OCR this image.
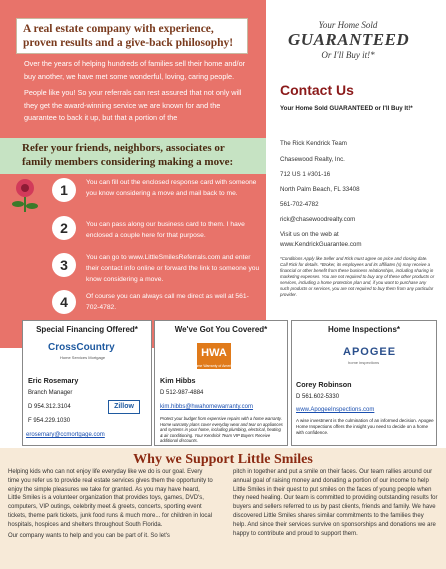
A real estate company with experience, proven results and a give-back philosophy!

Over the years of helping hundreds of families sell their home and/or buy another, we have met some wonderful, loving, caring people.

People like you! So your referrals can rest assured that not only will they get the award-winning service we are known for and the guarantee to back it up, but that a portion of the

Refer your friends, neighbors, associates or family members considering making a move:
1	You can fill out the enclosed response card with someone you know considering a move and mail back to me.
2	You can pass along our business card to them. I have enclosed a couple here for that purpose.
3	You can go to www.LittleSmilesReferrals.com and enter their contact info online or forward the link to someone you know considering a move.
4	Of course you can always call me direct as well at 561-702-4782.
Your Home Sold
GUARANTEED
Or I'll Buy it!*
Contact Us
Your Home Sold GUARANTEED or I'll Buy It!*
The Rick Kendrick Team
Chasewood Realty, Inc.
712 US 1 #301-16
North Palm Beach, FL 33408
561-702-4782
rick@chasewoodrealty.com
Visit us on the web at
www.KendrickGuarantee.com
*Conditions Apply like Seller and Rick must agree on price and closing date. Call Rick for details. *Broker, its employees and its affiliates (s) may receive a financial or other benefit from these business relationships, including sharing in marketing expenses. You are not required to buy any of these other products or services, including a home protection plan and, if you want to purchase any such products or services, you are not required to buy them from any particular provider.
Special Financing Offered*
CrossCountry
Home Services Mortgage
Zillow
Eric Rosemary
Branch Manager
D 954.312.3104
F 954.229.1030
erosemary@ccmortgage.com
We've Got You Covered*
HWA
Home Warranty of America
Kim Hibbs
D 512-987-4884
kim.hibbs@hwahomewarranty.com
Protect your budget from expensive repairs with a home warranty. Home warranty plans cover everyday wear and tear on appliances and systems in your home, including plumbing, electrical, heating & air conditioning. Your Kendrick Team VIP Buyers Receive additional discounts.
Home Inspections*
APOGEE
home inspections
Corey Robinson
D 561.602-5330
www.ApogeeInspections.com
A wise investment is the culmination of an informed decision. Apogee Home Inspections offers the insight you need to decide on a home with confidence.
Why we Support Little Smiles
Helping kids who can not enjoy life everyday like we do is our goal. Every time you refer us to provide real estate services gives them the opportunity to enjoy the simple pleasures we take for granted. As you may have heard, Little Smiles is a volunteer organization that provides toys, games, DVD's, computers, VIP outings, celebrity meet & greets, concerts, sporting event tickets, theme park tickets, junk food runs & much more... for children in local hospitals, hospices and shelters throughout South Florida.
Our company wants to help and you can be part of it. So let's
pitch in together and put a smile on their faces. Our team rallies around our annual goal of raising money and donating a portion of our income to help Little Smiles in their quest to put smiles on the faces of young people when they need healing. Our team is committed to providing outstanding results for buyers and sellers referred to us by past clients, friends and family. We have discovered Little Smiles shares similar commitments to the families they help. And since their services survive on sponsorships and donations we are happy to contribute and proud to support them.
